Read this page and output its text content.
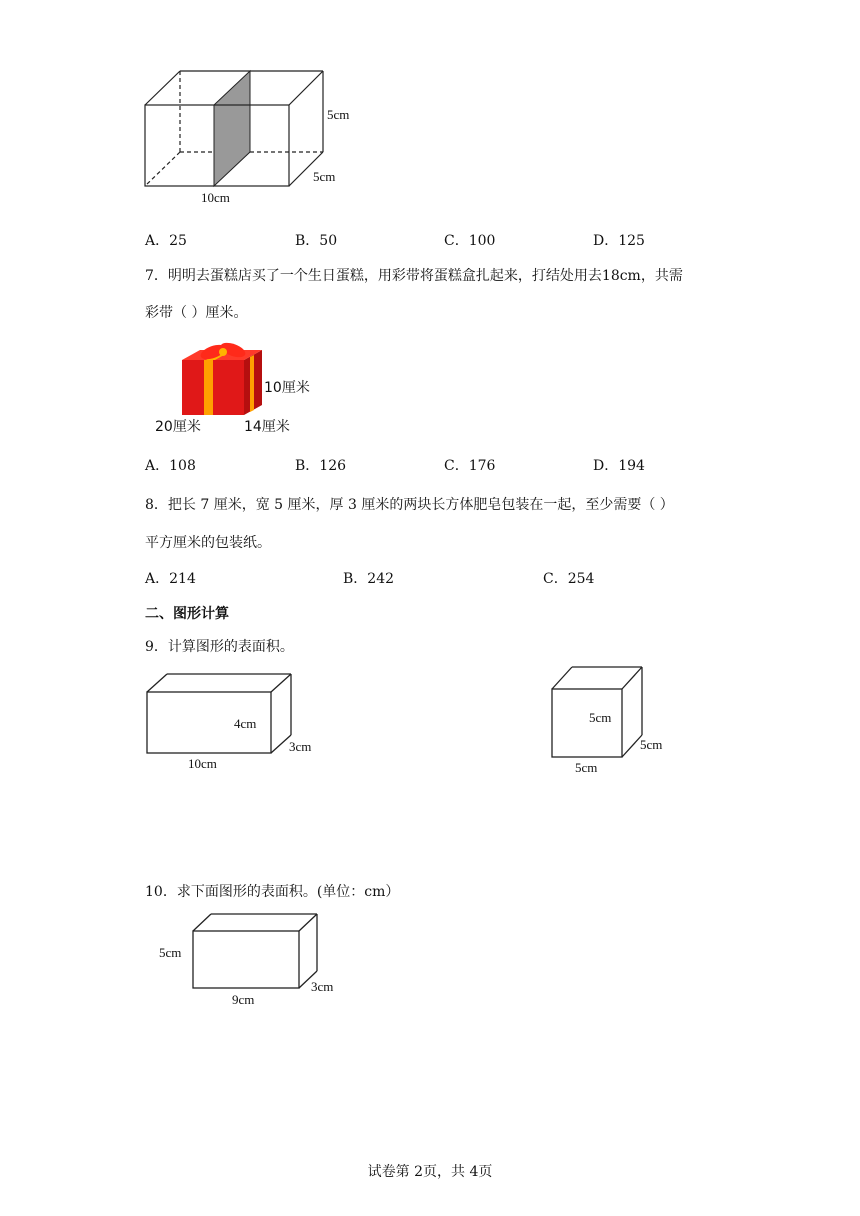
5cm
5cm
10cm
A．25	B．50	C．100	D．125
7．明明去蛋糕店买了一个生日蛋糕，用彩带将蛋糕盒扎起来，打结处用去18cm，共需
彩带（ ）厘米。
10厘米
20厘米	14厘米
A．108	B．126	C．176	D．194
8．把长 7 厘米，宽 5 厘米，厚 3 厘米的两块长方体肥皂包装在一起，至少需要（ ）
平方厘米的包装纸。
A．214	B．242	C．254
二、图形计算
9．计算图形的表面积。
4cm
3cm
10cm
5cm
5cm
5cm
10．求下面图形的表面积。(单位：cm）
5cm
3cm
9cm
试卷第 2页，共 4页
